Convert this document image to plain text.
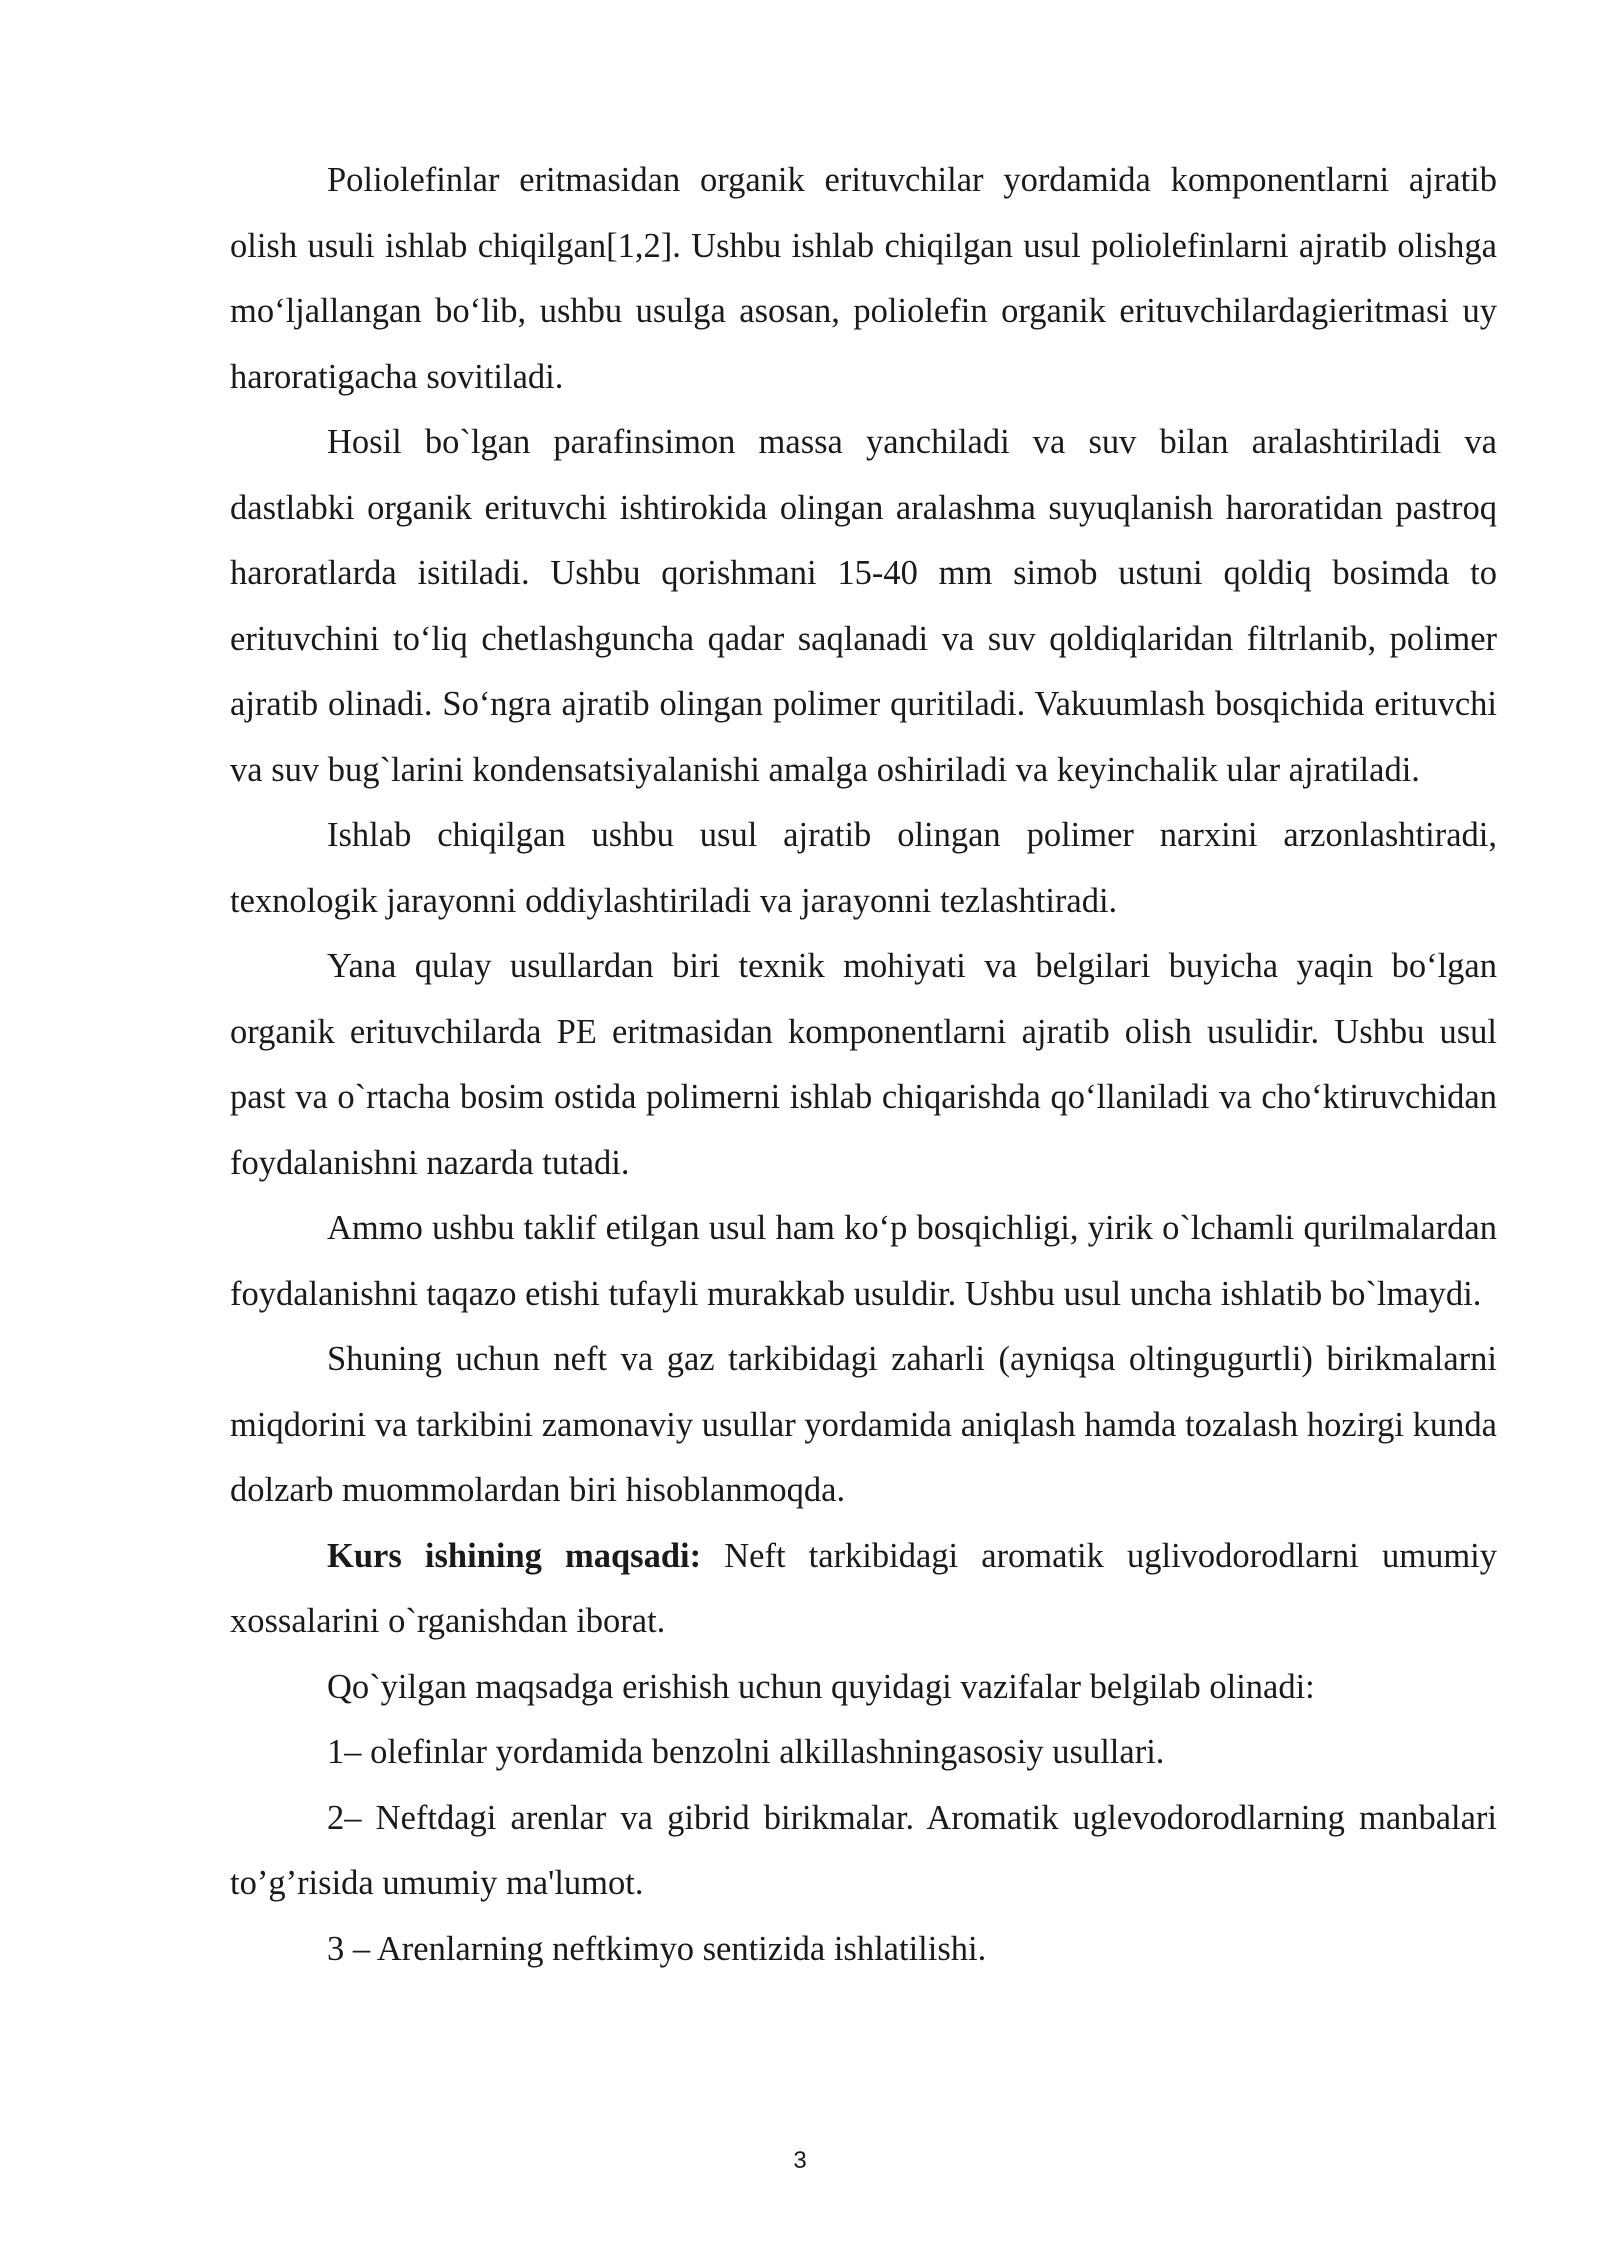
Poliolefinlar eritmasidan organik erituvchilar yordamida komponentlarni ajratib olish usuli ishlab chiqilgan[1,2]. Ushbu ishlab chiqilgan usul poliolefinlarni ajratib olishga mo‘ljallangan bo‘lib, ushbu usulga asosan, poliolefin organik erituvchilardagieritmasi uy haroratigacha sovitiladi.

Hosil bo`lgan parafinsimon massa yanchiladi va suv bilan aralashtiriladi va dastlabki organik erituvchi ishtirokida olingan aralashma suyuqlanish haroratidan pastroq haroratlarda isitiladi. Ushbu qorishmani 15-40 mm simob ustuni qoldiq bosimda to erituvchini to‘liq chetlashguncha qadar saqlanadi va suv qoldiqlaridan filtrlanib, polimer ajratib olinadi. So‘ngra ajratib olingan polimer quritiladi. Vakuumlash bosqichida erituvchi va suv bug`larini kondensatsiyalanishi amalga oshiriladi va keyinchalik ular ajratiladi.

Ishlab chiqilgan ushbu usul ajratib olingan polimer narxini arzonlashtiradi, texnologik jarayonni oddiylashtiriladi va jarayonni tezlashtiradi.

Yana qulay usullardan biri texnik mohiyati va belgilari buyicha yaqin bo‘lgan organik erituvchilarda PE eritmasidan komponentlarni ajratib olish usulidir. Ushbu usul past va o`rtacha bosim ostida polimerni ishlab chiqarishda qo‘llaniladi va cho‘ktiruvchidan foydalanishni nazarda tutadi.

Ammo ushbu taklif etilgan usul ham ko‘p bosqichligi, yirik o`lchamli qurilmalardan foydalanishni taqazo etishi tufayli murakkab usuldir. Ushbu usul uncha ishlatib bo`lmaydi.

Shuning uchun neft va gaz tarkibidagi zaharli (ayniqsa oltingugurtli) birikmalarni miqdorini va tarkibini zamonaviy usullar yordamida aniqlash hamda tozalash hozirgi kunda dolzarb muommolardan biri hisoblanmoqda.

Kurs ishining maqsadi: Neft tarkibidagi aromatik uglivodorodlarni umumiy xossalarini o`rganishdan iborat.

Qo`yilgan maqsadga erishish uchun quyidagi vazifalar belgilab olinadi:

1– olefinlar yordamida benzolni alkillashningasosiy usullari.

2– Neftdagi arenlar va gibrid birikmalar. Aromatik uglevodorodlarning manbalari to’g’risida umumiy ma'lumot.

3 – Arenlarning neftkimyo sentizida ishlatilishi.

3
